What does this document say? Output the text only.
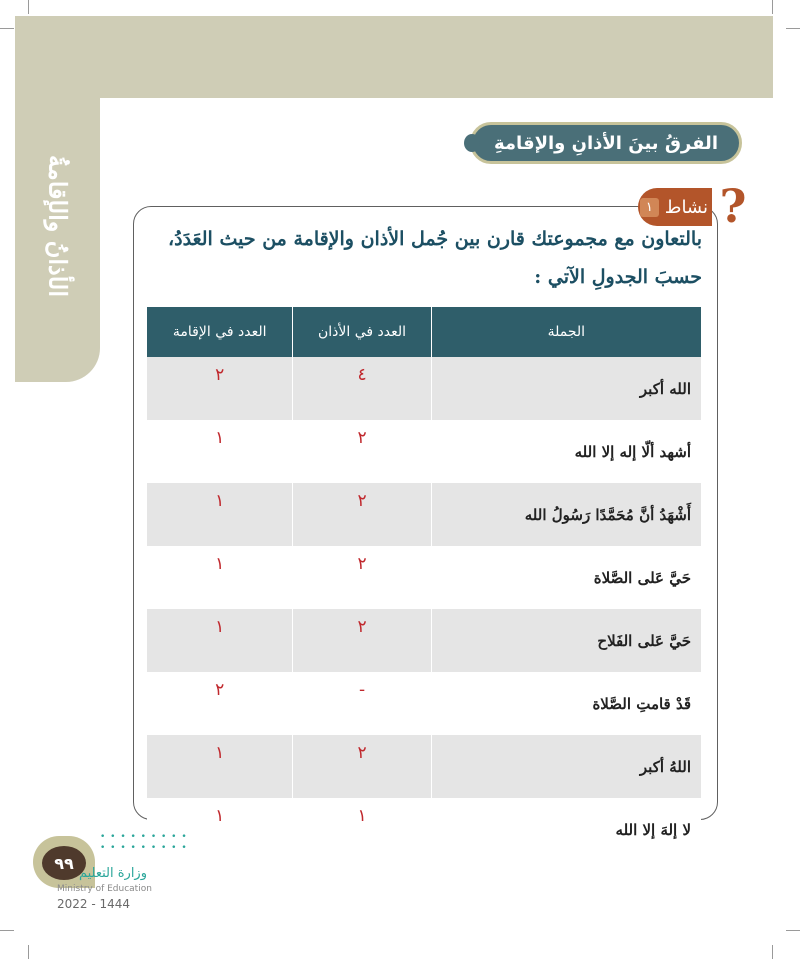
الأذانُ والإقامةُ
الفرقُ بينَ الأذانِ والإقامةِ
نشاط
١ ?
بالتعاون مع مجموعتك قارن بين جُمل الأذان والإقامة من حيث العَدَدُ، حسبَ الجدولِ الآتي :
الجملة	العدد في الأذان	العدد في الإقامة
الله أكبر	٤	٢
أشهد ألّا إله إلا الله	٢	١
أَشْهَدُ أنَّ مُحَمَّدًا رَسُولُ الله	٢	١
حَيَّ عَلى الصَّلاة	٢	١
حَيَّ عَلى الفَلاح	٢	١
قَدْ قامتِ الصَّلاة	-	٢
اللهُ أكبر	٢	١
لا إلهَ إلا الله	١	١
٩٩
• • • • • • • • • • • • • • • • • •
وزارة التعليم
Ministry of Education
2022 - 1444
